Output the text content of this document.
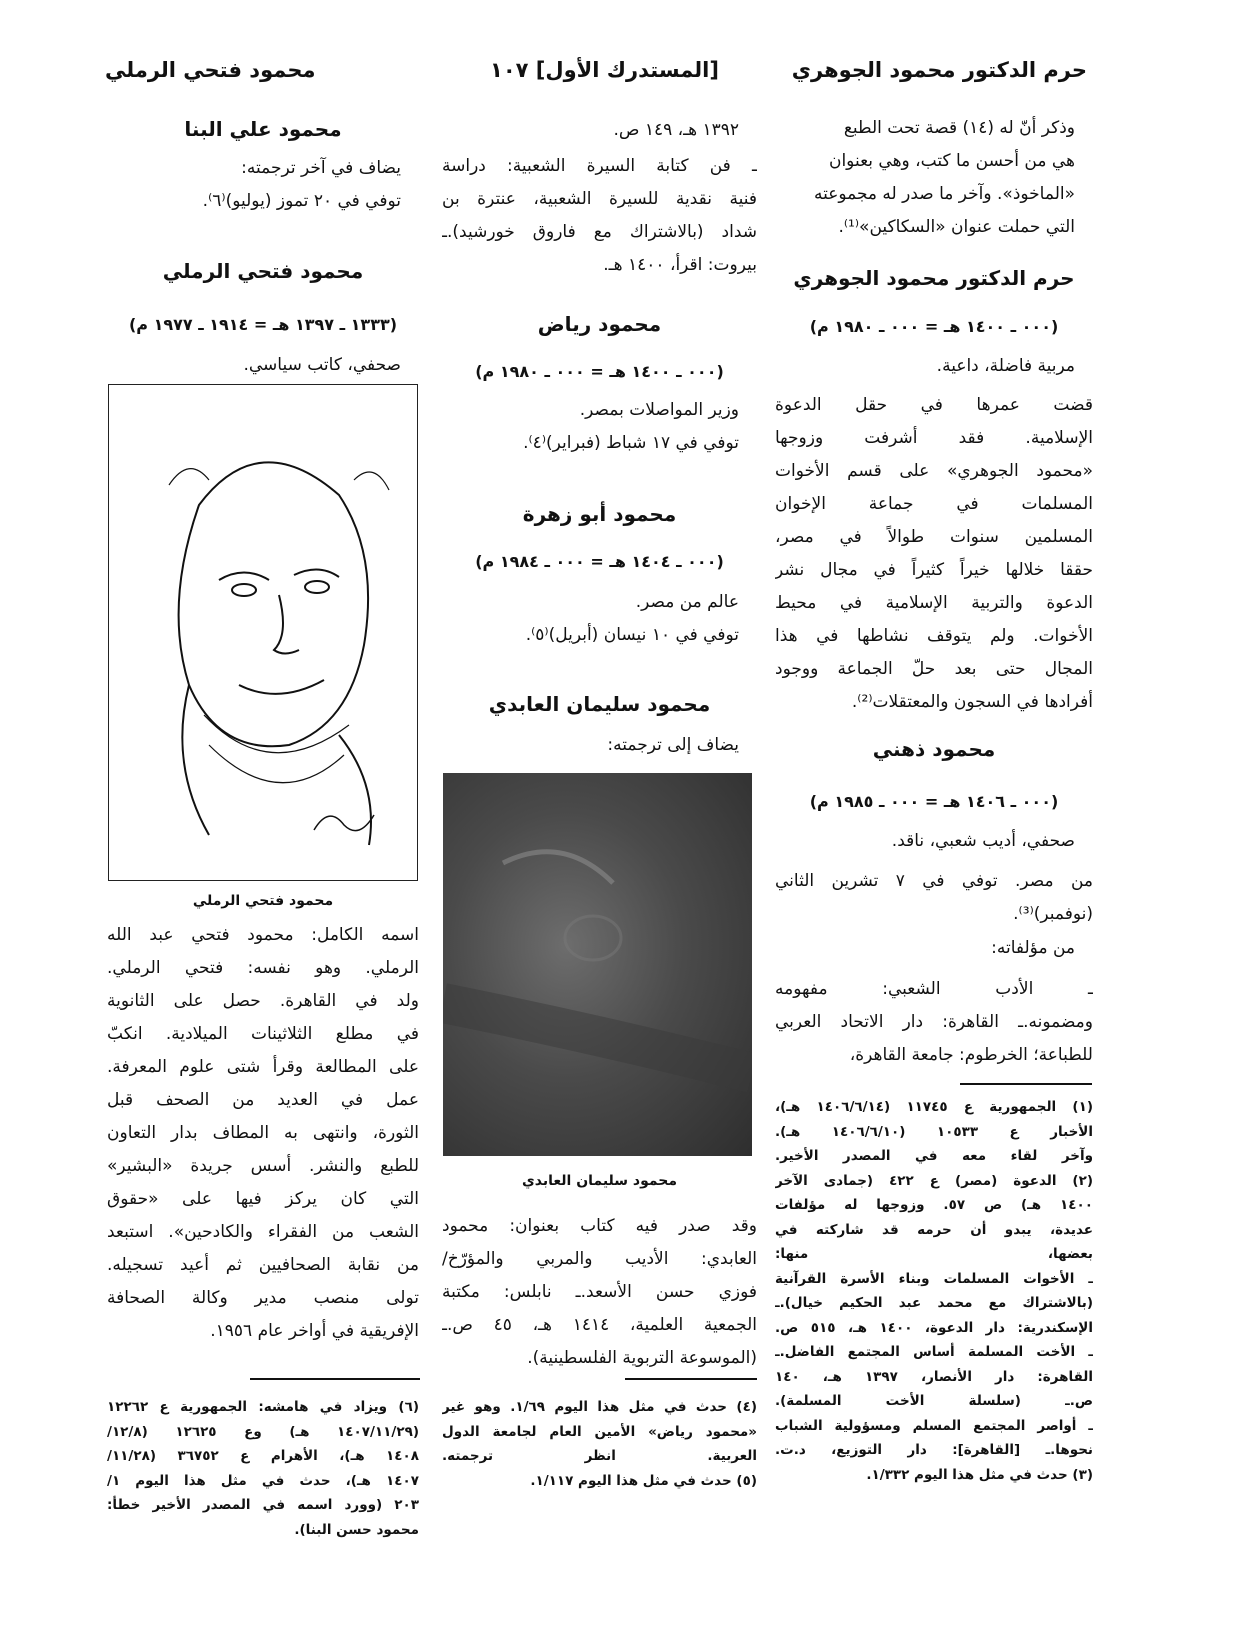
حرم الدكتور محمود الجوهري
[المستدرك الأول] ١٠٧
محمود فتحي الرملي
وذكر أنّ له (١٤) قصة تحت الطبع
هي من أحسن ما كتب، وهي بعنوان
«الماخوذ». وآخر ما صدر له مجموعته
التي حملت عنوان «السكاكين»⁽¹⁾.
حرم الدكتور محمود الجوهري
(٠٠٠ ـ ١٤٠٠ هـ = ٠٠٠ ـ ١٩٨٠ م)
مربية فاضلة، داعية.
قضت عمرها في حقل الدعوة
الإسلامية. فقد أشرفت وزوجها
«محمود الجوهري» على قسم الأخوات
المسلمات في جماعة الإخوان
المسلمين سنوات طوالاً في مصر،
حققا خلالها خيراً كثيراً في مجال نشر
الدعوة والتربية الإسلامية في محيط
الأخوات. ولم يتوقف نشاطها في هذا
المجال حتى بعد حلّ الجماعة ووجود
أفرادها في السجون والمعتقلات⁽²⁾.
محمود ذهني
(٠٠٠ ـ ١٤٠٦ هـ = ٠٠٠ ـ ١٩٨٥ م)
صحفي، أديب شعبي، ناقد.
من مصر. توفي في ٧ تشرين الثاني
(نوفمبر)⁽³⁾.
من مؤلفاته:
ـ الأدب الشعبي: مفهومه
ومضمونه.ـ القاهرة: دار الاتحاد العربي
للطباعة؛ الخرطوم: جامعة القاهرة،
(١) الجمهورية ع ١١٧٤٥ (١٤٠٦/٦/١٤ هـ)،
الأخبار ع ١٠٥٣٣ (١٤٠٦/٦/١٠ هـ).
وآخر لقاء معه في المصدر الأخير.
(٢) الدعوة (مصر) ع ٤٢٢ (جمادى الآخر
١٤٠٠ هـ) ص ٥٧. وزوجها له مؤلفات
عديدة، يبدو أن حرمه قد شاركته في
بعضها، منها:
ـ الأخوات المسلمات وبناء الأسرة القرآنية
(بالاشتراك مع محمد عبد الحكيم خيال).ـ
الإسكندرية: دار الدعوة، ١٤٠٠ هـ، ٥١٥ ص.
ـ الأخت المسلمة أساس المجتمع الفاضل.ـ
القاهرة: دار الأنصار، ١٣٩٧ هـ، ١٤٠
ص.ـ (سلسلة الأخت المسلمة).
ـ أواصر المجتمع المسلم ومسؤولية الشباب
نحوها.ـ [القاهرة]: دار التوزيع، د.ت.
(٣) حدث في مثل هذا اليوم ١/٣٣٢.
١٣٩٢ هـ، ١٤٩ ص.
ـ فن كتابة السيرة الشعبية: دراسة
فنية نقدية للسيرة الشعبية، عنترة بن
شداد (بالاشتراك مع فاروق خورشيد).ـ
بيروت: اقرأ، ١٤٠٠ هـ.
محمود رياض
(٠٠٠ ـ ١٤٠٠ هـ = ٠٠٠ ـ ١٩٨٠ م)
وزير المواصلات بمصر.
توفي في ١٧ شباط (فبراير)⁽٤⁾.
محمود أبو زهرة
(٠٠٠ ـ ١٤٠٤ هـ = ٠٠٠ ـ ١٩٨٤ م)
عالم من مصر.
توفي في ١٠ نيسان (أبريل)⁽٥⁾.
محمود سليمان العابدي
يضاف إلى ترجمته:
محمود سليمان العابدي
وقد صدر فيه كتاب بعنوان: محمود
العابدي: الأديب والمربي والمؤرّخ/
فوزي حسن الأسعد.ـ نابلس: مكتبة
الجمعية العلمية، ١٤١٤ هـ، ٤٥ ص.ـ
(الموسوعة التربوية الفلسطينية).
(٤) حدث في مثل هذا اليوم ١/٦٩. وهو غير
«محمود رياض» الأمين العام لجامعة الدول
العربية. انظر ترجمته.
(٥) حدث في مثل هذا اليوم ١/١١٧.
محمود علي البنا
يضاف في آخر ترجمته:
توفي في ٢٠ تموز (يوليو)⁽٦⁾.
محمود فتحي الرملي
(١٣٣٣ ـ ١٣٩٧ هـ = ١٩١٤ ـ ١٩٧٧ م)
صحفي، كاتب سياسي.
محمود فتحي الرملي
اسمه الكامل: محمود فتحي عبد الله
الرملي. وهو نفسه: فتحي الرملي.
ولد في القاهرة. حصل على الثانوية
في مطلع الثلاثينات الميلادية. انكبّ
على المطالعة وقرأ شتى علوم المعرفة.
عمل في العديد من الصحف قبل
الثورة، وانتهى به المطاف بدار التعاون
للطبع والنشر. أسس جريدة «البشير»
التي كان يركز فيها على «حقوق
الشعب من الفقراء والكادحين». استبعد
من نقابة الصحافيين ثم أعيد تسجيله.
تولى منصب مدير وكالة الصحافة
الإفريقية في أواخر عام ١٩٥٦.
(٦) ويزاد في هامشه: الجمهورية ع ١٢٢٦٢
(١٤٠٧/١١/٢٩ هـ) وع ١٢٦٢٥ (١٢/٨/
١٤٠٨ هـ)، الأهرام ع ٣٦٧٥٢ (١١/٢٨/
١٤٠٧ هـ)، حدث في مثل هذا اليوم ١/
٢٠٣ (وورد اسمه في المصدر الأخير خطأ:
محمود حسن البنا).
